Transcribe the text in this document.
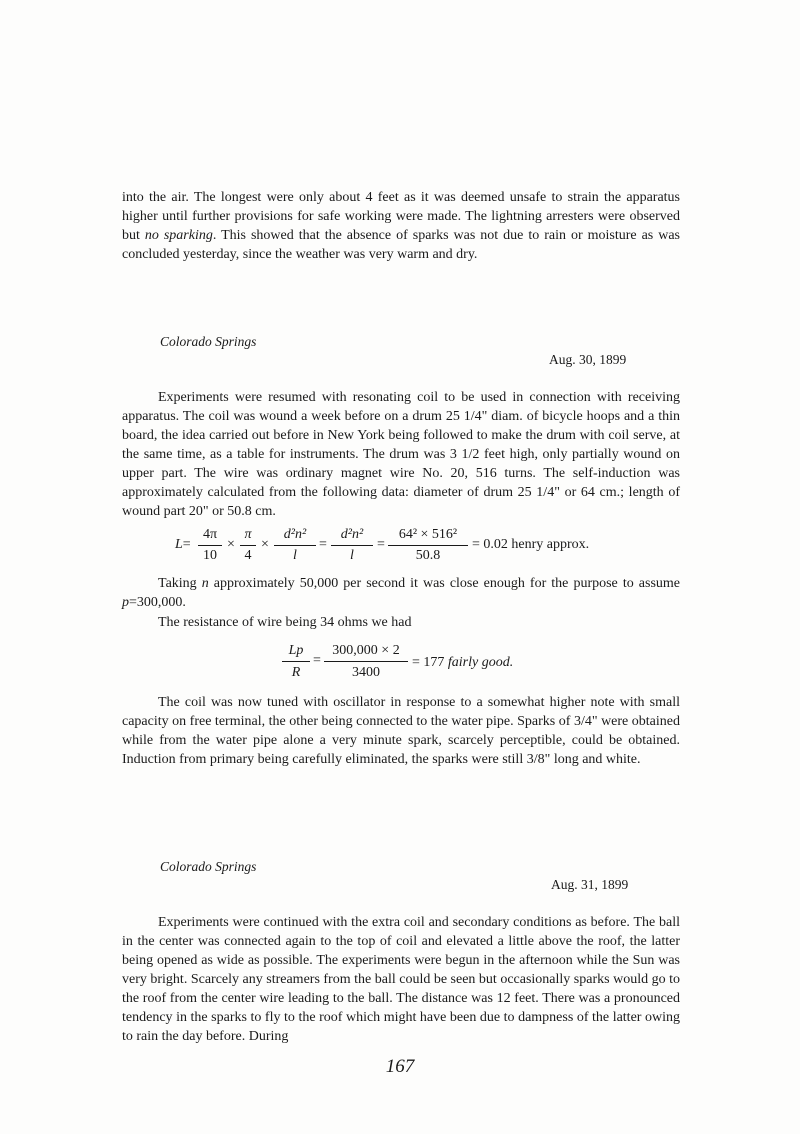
into the air. The longest were only about 4 feet as it was deemed unsafe to strain the apparatus higher until further provisions for safe working were made. The lightning arresters were observed but no sparking. This showed that the absence of sparks was not due to rain or moisture as was concluded yesterday, since the weather was very warm and dry.

Colorado Springs
Aug. 30, 1899

Experiments were resumed with resonating coil to be used in connection with receiving apparatus. The coil was wound a week before on a drum 25 1/4" diam. of bicycle hoops and a thin board, the idea carried out before in New York being followed to make the drum with coil serve, at the same time, as a table for instruments. The drum was 3 1/2 feet high, only partially wound on upper part. The wire was ordinary magnet wire No. 20, 516 turns. The self-induction was approximately calculated from the following data: diameter of drum 25 1/4" or 64 cm.; length of wound part 20" or 50.8 cm.

L=
4π
10
×
π
4
×
d²n²
l
=
d²n²
l
=
64² × 516²
50.8
= 0.02 henry approx.

Taking n approximately 50,000 per second it was close enough for the purpose to assume p=300,000.

The resistance of wire being 34 ohms we had

Lp
R
=
300,000 × 2
3400
= 177 fairly good.

The coil was now tuned with oscillator in response to a somewhat higher note with small capacity on free terminal, the other being connected to the water pipe. Sparks of 3/4" were obtained while from the water pipe alone a very minute spark, scarcely perceptible, could be obtained. Induction from primary being carefully eliminated, the sparks were still 3/8" long and white.

Colorado Springs
Aug. 31, 1899

Experiments were continued with the extra coil and secondary conditions as before. The ball in the center was connected again to the top of coil and elevated a little above the roof, the latter being opened as wide as possible. The experiments were begun in the afternoon while the Sun was very bright. Scarcely any streamers from the ball could be seen but occasionally sparks would go to the roof from the center wire leading to the ball. The distance was 12 feet. There was a pronounced tendency in the sparks to fly to the roof which might have been due to dampness of the latter owing to rain the day before. During

167
